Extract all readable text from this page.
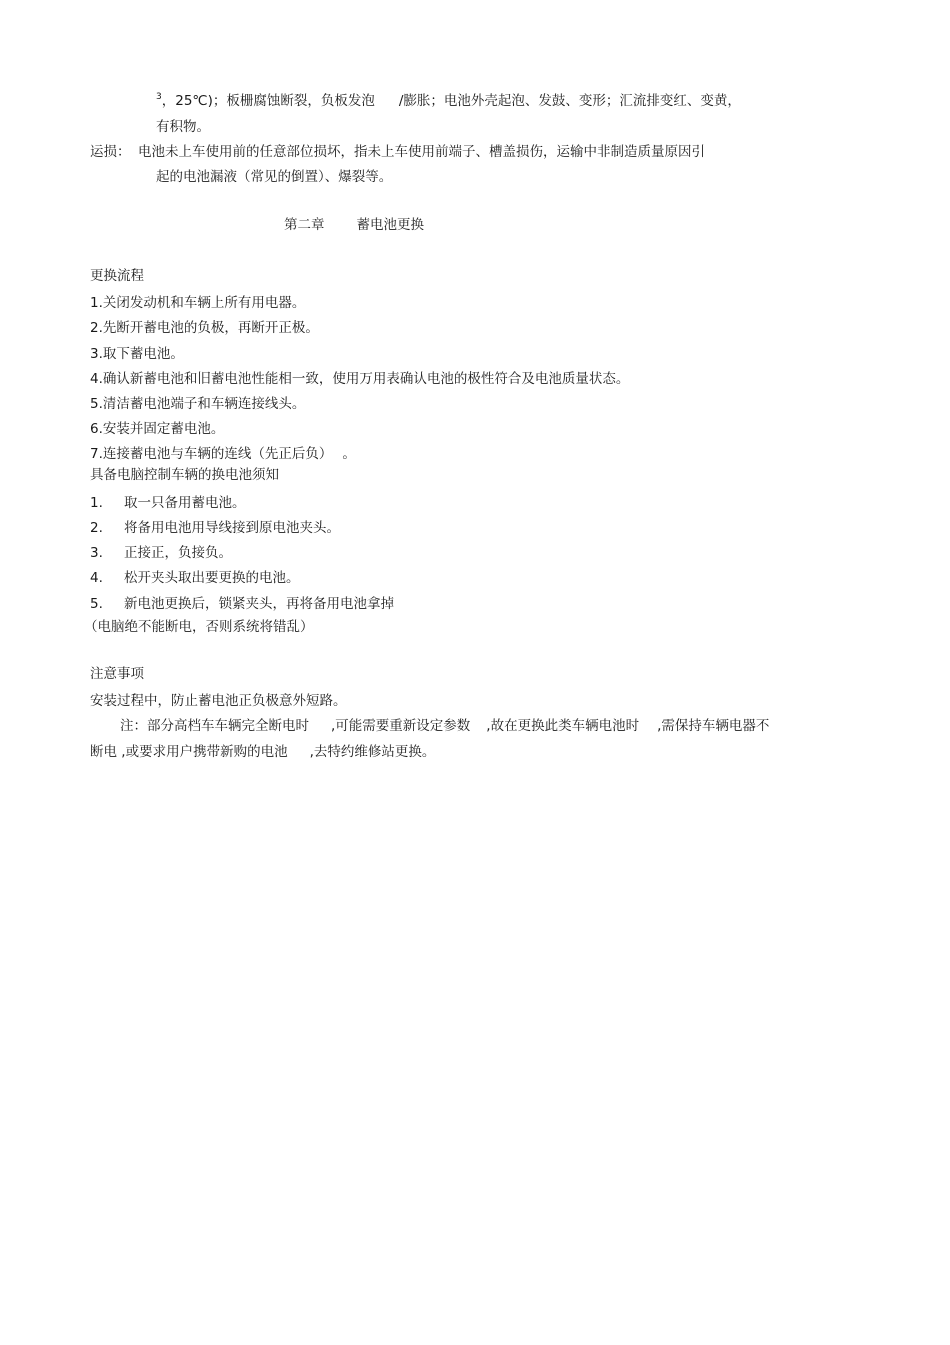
$^3$，25℃)；板栅腐蚀断裂，负板发泡 /膨胀；电池外壳起泡、发鼓、变形；汇流排变红、变黄，
有积物。
运损： 电池未上车使用前的任意部位损坏，指未上车使用前端子、槽盖损伤，运输中非制造质量原因引
起的电池漏液（常见的倒置）、爆裂等。
第二章 蓄电池更换
更换流程
1.关闭发动机和车辆上所有用电器。
2.先断开蓄电池的负极，再断开正极。
3.取下蓄电池。
4.确认新蓄电池和旧蓄电池性能相一致，使用万用表确认电池的极性符合及电池质量状态。
5.清洁蓄电池端子和车辆连接线头。
6.安装并固定蓄电池。
7.连接蓄电池与车辆的连线（先正后负） 。
具备电脑控制车辆的换电池须知
1. 取一只备用蓄电池。
2. 将备用电池用导线接到原电池夹头。
3. 正接正，负接负。
4. 松开夹头取出要更换的电池。
5. 新电池更换后，锁紧夹头，再将备用电池拿掉
（电脑绝不能断电，否则系统将错乱）
注意事项
安装过程中，防止蓄电池正负极意外短路。
注：部分高档车车辆完全断电时 ,可能需要重新设定参数 ,故在更换此类车辆电池时 ,需保持车辆电器不
断电 ,或要求用户携带新购的电池 ,去特约维修站更换。
